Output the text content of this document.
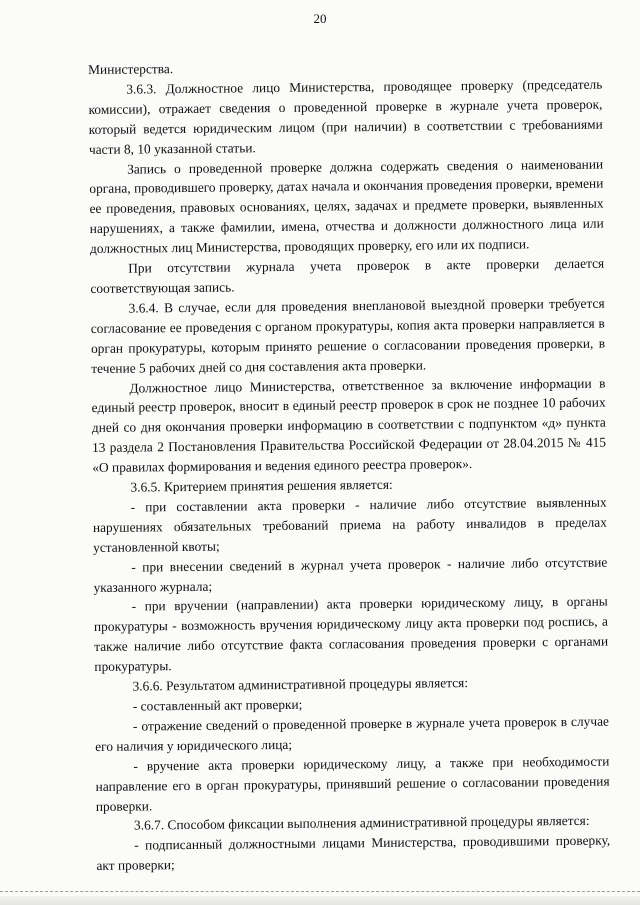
20

Министерства.

3.6.3. Должностное лицо Министерства, проводящее проверку (председатель комиссии), отражает сведения о проведенной проверке в журнале учета проверок, который ведется юридическим лицом (при наличии) в соответствии с требованиями части 8, 10 указанной статьи.

Запись о проведенной проверке должна содержать сведения о наименовании органа, проводившего проверку, датах начала и окончания проведения проверки, времени ее проведения, правовых основаниях, целях, задачах и предмете проверки, выявленных нарушениях, а также фамилии, имена, отчества и должности должностного лица или должностных лиц Министерства, проводящих проверку, его или их подписи.

При отсутствии журнала учета проверок в акте проверки делается соответствующая запись.

3.6.4. В случае, если для проведения внеплановой выездной проверки требуется согласование ее проведения с органом прокуратуры, копия акта проверки направляется в орган прокуратуры, которым принято решение о согласовании проведения проверки, в течение 5 рабочих дней со дня составления акта проверки.

Должностное лицо Министерства, ответственное за включение информации в единый реестр проверок, вносит в единый реестр проверок в срок не позднее 10 рабочих дней со дня окончания проверки информацию в соответствии с подпунктом «д» пункта 13 раздела 2 Постановления Правительства Российской Федерации от 28.04.2015 № 415 «О правилах формирования и ведения единого реестра проверок».

3.6.5. Критерием принятия решения является:

- при составлении акта проверки - наличие либо отсутствие выявленных нарушениях обязательных требований приема на работу инвалидов в пределах установленной квоты;

- при внесении сведений в журнал учета проверок - наличие либо отсутствие указанного журнала;

- при вручении (направлении) акта проверки юридическому лицу, в органы прокуратуры - возможность вручения юридическому лицу акта проверки под роспись, а также наличие либо отсутствие факта согласования проведения проверки с органами прокуратуры.

3.6.6. Результатом административной процедуры является:

- составленный акт проверки;

- отражение сведений о проведенной проверке в журнале учета проверок в случае его наличия у юридического лица;

- вручение акта проверки юридическому лицу, а также при необходимости направление его в орган прокуратуры, принявший решение о согласовании проведения проверки.

3.6.7. Способом фиксации выполнения административной процедуры является:

- подписанный должностными лицами Министерства, проводившими проверку, акт проверки;
